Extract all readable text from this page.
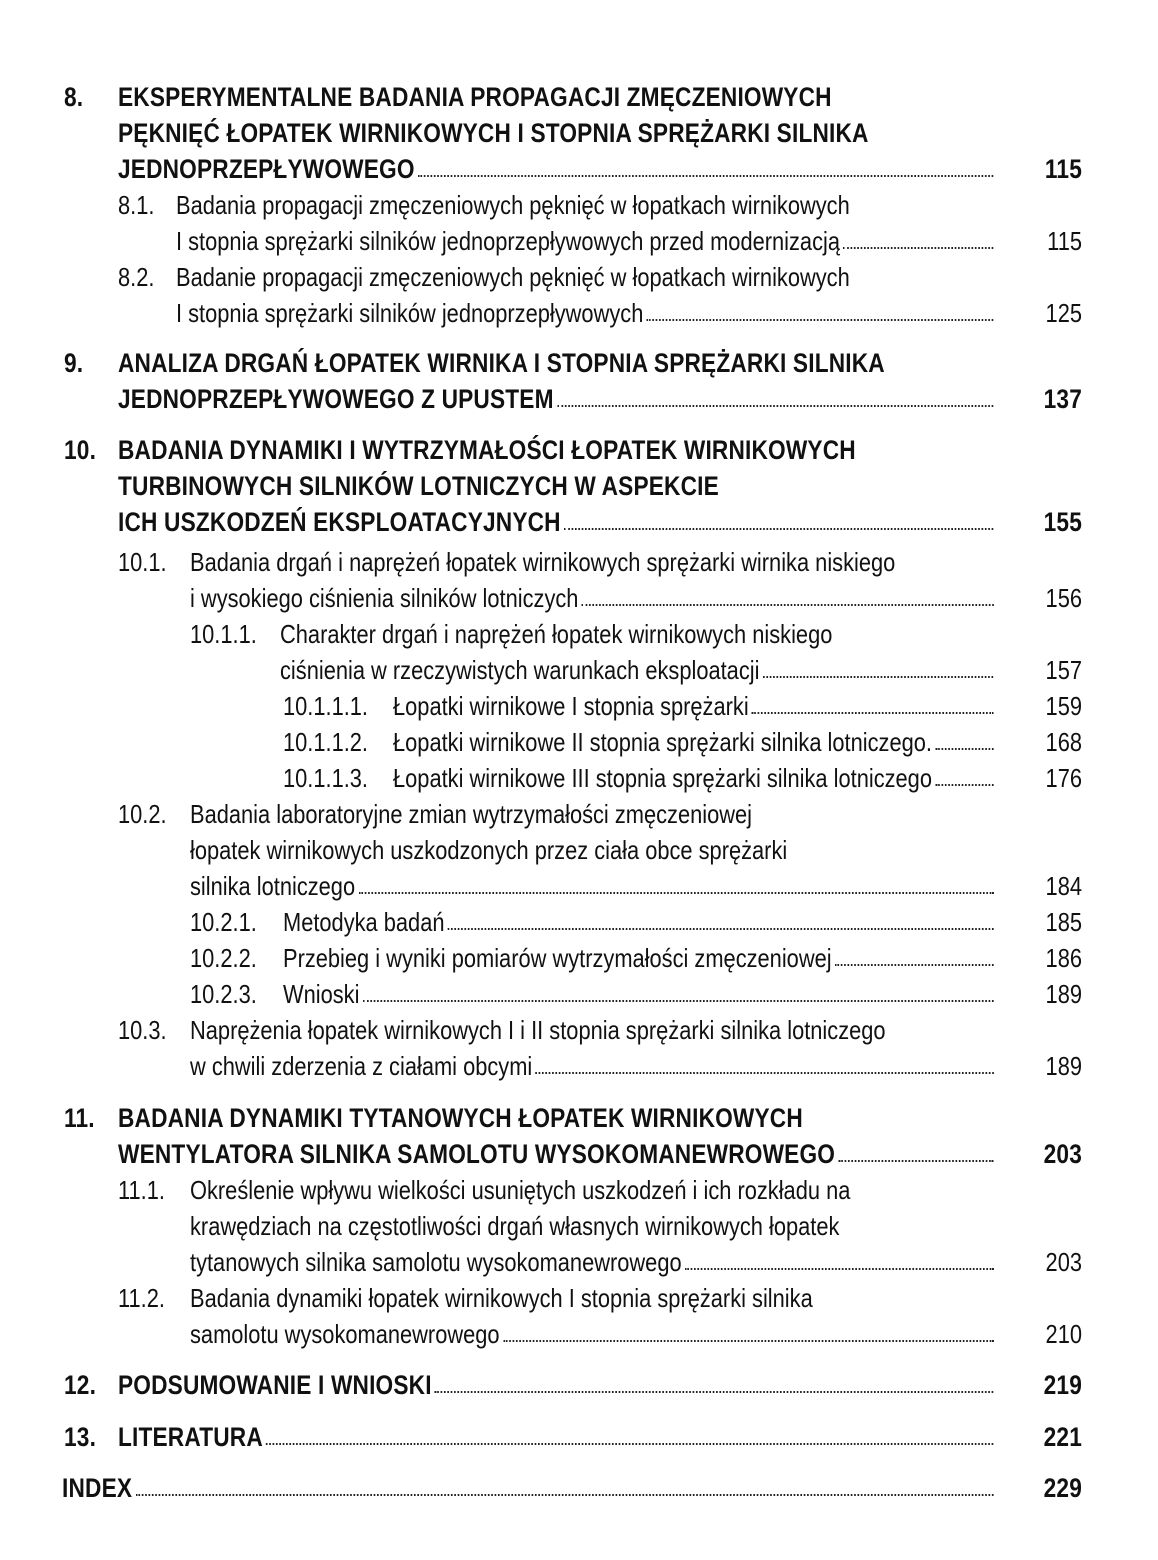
8. EKSPERYMENTALNE BADANIA PROPAGACJI ZMĘCZENIOWYCH
PĘKNIĘĆ ŁOPATEK WIRNIKOWYCH I STOPNIA SPRĘŻARKI SILNIKA
JEDNOPRZEPŁYWOWEGO	115
8.1. Badania propagacji zmęczeniowych pęknięć w łopatkach wirnikowych
I stopnia sprężarki silników jednoprzepływowych przed modernizacją	115
8.2. Badanie propagacji zmęczeniowych pęknięć w łopatkach wirnikowych
I stopnia sprężarki silników jednoprzepływowych	125
9. ANALIZA DRGAŃ ŁOPATEK WIRNIKA I STOPNIA SPRĘŻARKI SILNIKA
JEDNOPRZEPŁYWOWEGO Z UPUSTEM	137
10. BADANIA DYNAMIKI I WYTRZYMAŁOŚCI ŁOPATEK WIRNIKOWYCH
TURBINOWYCH SILNIKÓW LOTNICZYCH W ASPEKCIE
ICH USZKODZEŃ EKSPLOATACYJNYCH	155
10.1. Badania drgań i naprężeń łopatek wirnikowych sprężarki wirnika niskiego
i wysokiego ciśnienia silników lotniczych	156
10.1.1. Charakter drgań i naprężeń łopatek wirnikowych niskiego
ciśnienia w rzeczywistych warunkach eksploatacji	157
10.1.1.1. Łopatki wirnikowe I stopnia sprężarki	159
10.1.1.2. Łopatki wirnikowe II stopnia sprężarki silnika lotniczego.	168
10.1.1.3. Łopatki wirnikowe III stopnia sprężarki silnika lotniczego	176
10.2. Badania laboratoryjne zmian wytrzymałości zmęczeniowej
łopatek wirnikowych uszkodzonych przez ciała obce sprężarki
silnika lotniczego	184
10.2.1. Metodyka badań	185
10.2.2. Przebieg i wyniki pomiarów wytrzymałości zmęczeniowej	186
10.2.3. Wnioski	189
10.3. Naprężenia łopatek wirnikowych I i II stopnia sprężarki silnika lotniczego
w chwili zderzenia z ciałami obcymi	189
11. BADANIA DYNAMIKI TYTANOWYCH ŁOPATEK WIRNIKOWYCH
WENTYLATORA SILNIKA SAMOLOTU WYSOKOMANEWROWEGO	203
11.1. Określenie wpływu wielkości usuniętych uszkodzeń i ich rozkładu na
krawędziach na częstotliwości drgań własnych wirnikowych łopatek
tytanowych silnika samolotu wysokomanewrowego	203
11.2. Badania dynamiki łopatek wirnikowych I stopnia sprężarki silnika
samolotu wysokomanewrowego	210
12. PODSUMOWANIE I WNIOSKI	219
13. LITERATURA	221
INDEX	229
